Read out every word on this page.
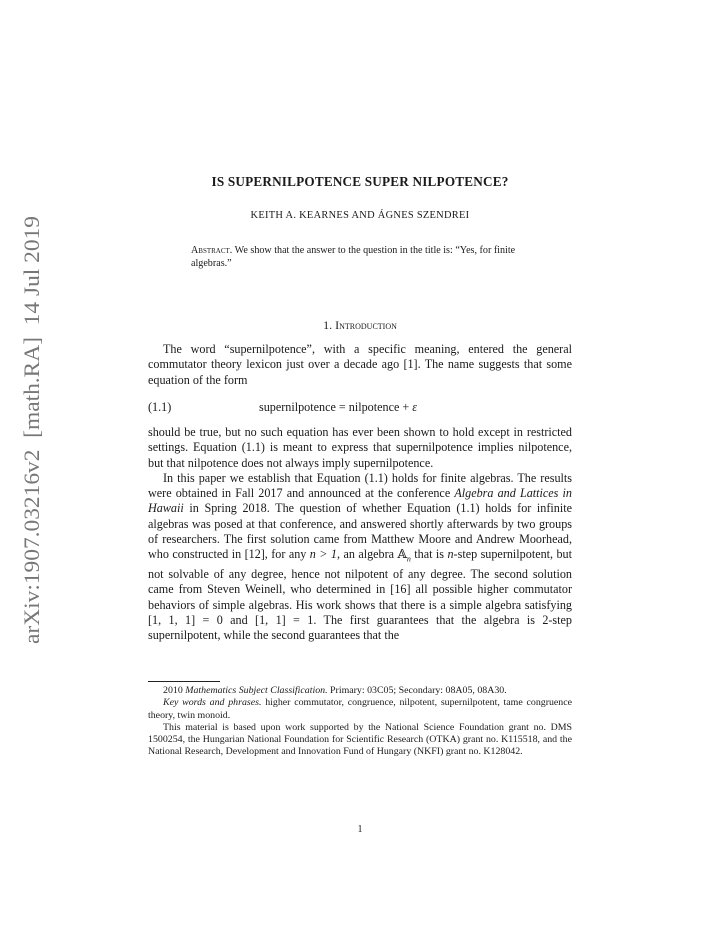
arXiv:1907.03216v2  [math.RA]  14 Jul 2019
IS SUPERNILPOTENCE SUPER NILPOTENCE?
KEITH A. KEARNES AND ÁGNES SZENDREI
Abstract. We show that the answer to the question in the title is: “Yes, for finite algebras.”
1. Introduction

The word “supernilpotence”, with a specific meaning, entered the general commutator theory lexicon just over a decade ago [1]. The name suggests that some equation of the form

(1.1)	supernilpotence = nilpotence + ε

should be true, but no such equation has ever been shown to hold except in restricted settings. Equation (1.1) is meant to express that supernilpotence implies nilpotence, but that nilpotence does not always imply supernilpotence.

In this paper we establish that Equation (1.1) holds for finite algebras. The results were obtained in Fall 2017 and announced at the conference Algebra and Lattices in Hawaii in Spring 2018. The question of whether Equation (1.1) holds for infinite algebras was posed at that conference, and answered shortly afterwards by two groups of researchers. The first solution came from Matthew Moore and Andrew Moorhead, who constructed in [12], for any n > 1, an algebra 𝔸$_n$ that is n-step supernilpotent, but not solvable of any degree, hence not nilpotent of any degree. The second solution came from Steven Weinell, who determined in [16] all possible higher commutator behaviors of simple algebras. His work shows that there is a simple algebra satisfying [1, 1, 1] = 0 and [1, 1] = 1. The first guarantees that the algebra is 2-step supernilpotent, while the second guarantees that the

2010 Mathematics Subject Classification. Primary: 03C05; Secondary: 08A05, 08A30.

Key words and phrases. higher commutator, congruence, nilpotent, supernilpotent, tame congruence theory, twin monoid.

This material is based upon work supported by the National Science Foundation grant no. DMS 1500254, the Hungarian National Foundation for Scientific Research (OTKA) grant no. K115518, and the National Research, Development and Innovation Fund of Hungary (NKFI) grant no. K128042.

1
